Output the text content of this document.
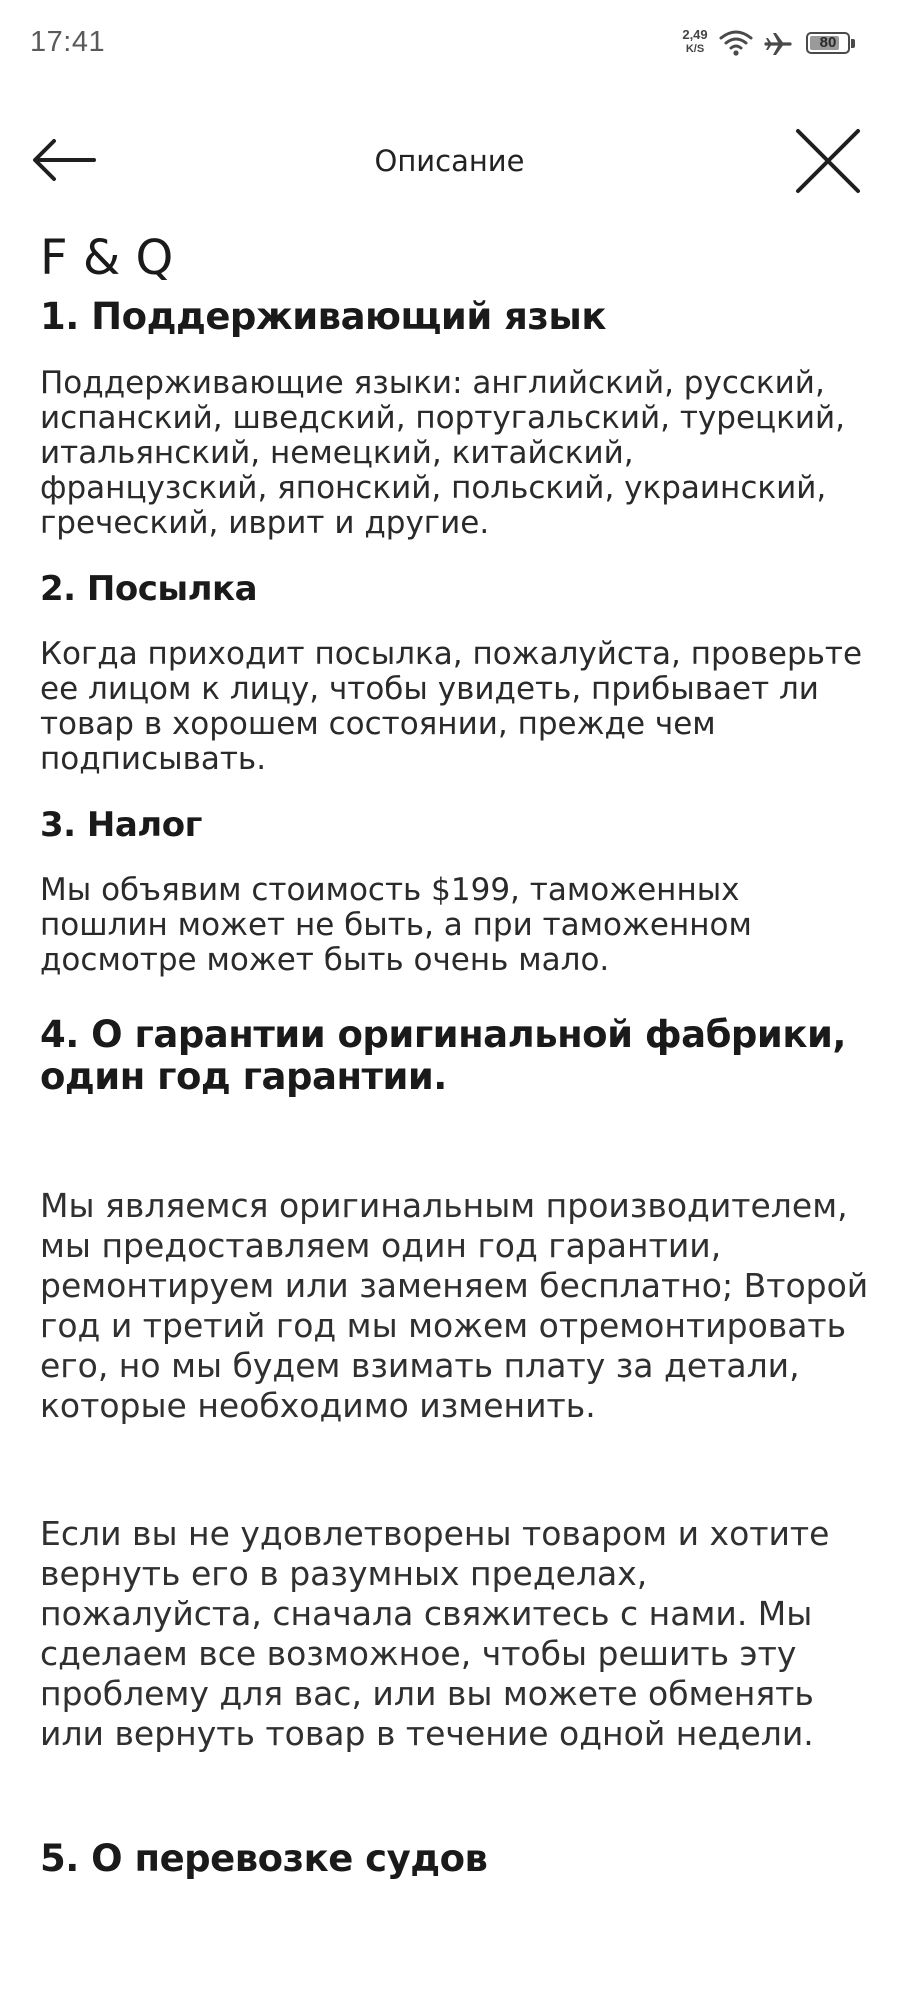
17:41	2,49
K/S	80
Описание
F & Q
1. Поддерживающий язык

Поддерживающие языки: английский, русский, испанский, шведский, португальский, турецкий, итальянский, немецкий, китайский, французский, японский, польский, украинский, греческий, иврит и другие.

2. Посылка

Когда приходит посылка, пожалуйста, проверьте ее лицом к лицу, чтобы увидеть, прибывает ли товар в хорошем состоянии, прежде чем подписывать.

3. Налог

Мы объявим стоимость $199, таможенных пошлин может не быть, а при таможенном досмотре может быть очень мало.

4. О гарантии оригинальной фабрики, один год гарантии.

Мы являемся оригинальным производителем, мы предоставляем один год гарантии, ремонтируем или заменяем бесплатно; Второй год и третий год мы можем отремонтировать его, но мы будем взимать плату за детали, которые необходимо изменить.

Если вы не удовлетворены товаром и хотите вернуть его в разумных пределах, пожалуйста, сначала свяжитесь с нами. Мы сделаем все возможное, чтобы решить эту проблему для вас, или вы можете обменять или вернуть товар в течение одной недели.

5. О перевозке судов
